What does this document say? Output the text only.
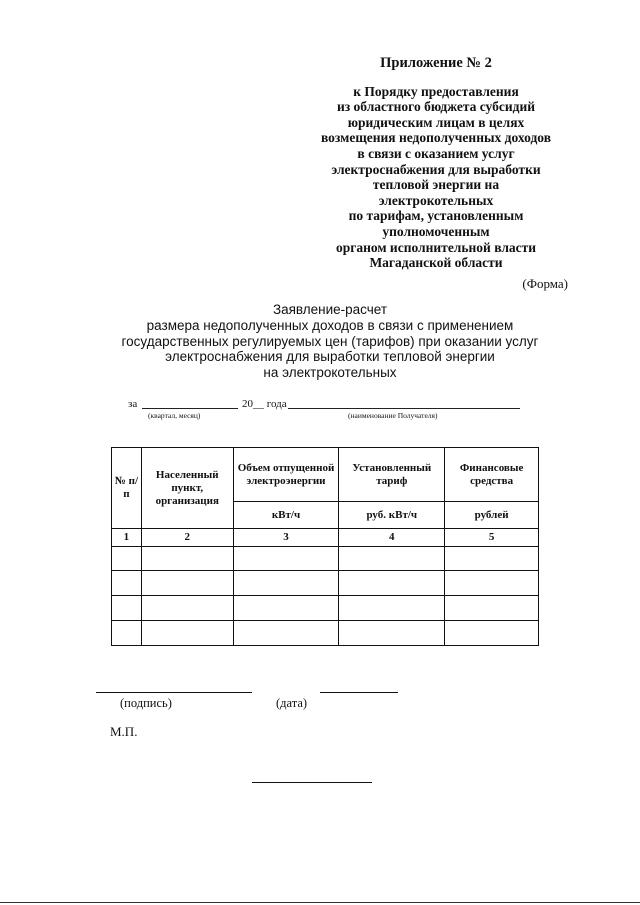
Приложение № 2
к Порядку предоставления
из областного бюджета субсидий
юридическим лицам в целях
возмещения недополученных доходов
в связи с оказанием услуг
электроснабжения для выработки
тепловой энергии на
электрокотельных
по тарифам, установленным
уполномоченным
органом исполнительной власти
Магаданской области
(Форма)
Заявление-расчет
размера недополученных доходов в связи с применением
государственных регулируемых цен (тарифов) при оказании услуг
электроснабжения для выработки тепловой энергии
на электрокотельных
за	20__ года
(квартал, месяц)	(наименование Получателя)
№ п/п	Населенный пункт, организация	Объем отпущенной электроэнергии	Установленный тариф	Финансовые средства
		кВт/ч	руб. кВт/ч	рублей
1	2	3	4	5

(подпись)	(дата)
М.П.
